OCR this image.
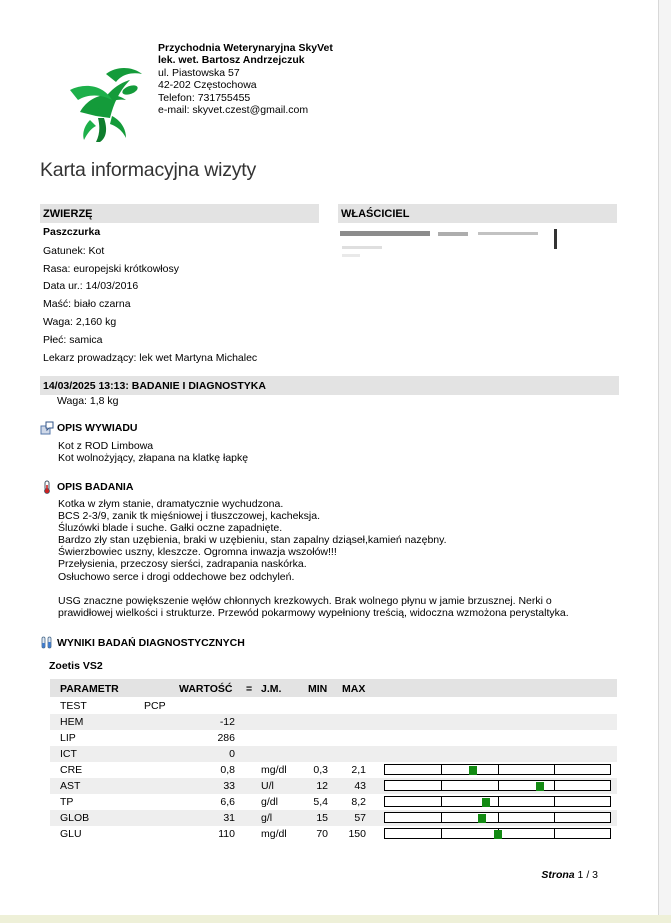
Przychodnia Weterynaryjna SkyVet
lek. wet. Bartosz Andrzejczuk
ul. Piastowska 57
42-202 Częstochowa
Telefon: 731755455
e-mail: skyvet.czest@gmail.com
Karta informacyjna wizyty
ZWIERZĘ	WŁAŚCICIEL
Paszczurka
Gatunek: Kot
Rasa: europejski krótkowłosy
Data ur.: 14/03/2016
Maść: biało czarna
Waga: 2,160 kg
Płeć: samica
Lekarz prowadzący: lek wet Martyna Michalec
14/03/2025 13:13: BADANIE I DIAGNOSTYKA
Waga: 1,8 kg
OPIS WYWIADU
Kot z ROD Limbowa
Kot wolnożyjący, złapana na klatkę łapkę
OPIS BADANIA
Kotka w złym stanie, dramatycznie wychudzona.
BCS 2-3/9, zanik tk mięśniowej i tłuszczowej, kacheksja.
Śluzówki blade i suche. Gałki oczne zapadnięte.
Bardzo zły stan uzębienia, braki w uzębieniu, stan zapalny dziąseł,kamień nazębny.
Świerzbowiec uszny, kleszcze. Ogromna inwazja wszołów!!!
Przełysienia, przeczosy sierści, zadrapania naskórka.
Osłuchowo serce i drogi oddechowe bez odchyleń.
USG znaczne powiększenie węłów chłonnych krezkowych. Brak wolnego płynu w jamie brzusznej. Nerki o
prawidłowej wielkości i strukturze. Przewód pokarmowy wypełniony treścią, widoczna wzmożona perystaltyka.
WYNIKI BADAŃ DIAGNOSTYCZNYCH
Zoetis VS2
PARAMETR	WARTOŚĆ = J.M.	MIN MAX
TEST	PCP
HEM	-12
LIP	286
ICT	0
CRE	0,8 mg/dl	0,3 2,1
AST	33 U/l	12	43
TP	6,6 g/dl	5,4 8,2
GLOB	31 g/l	15	57
GLU	110 mg/dl	70 150
Strona 1 / 3
